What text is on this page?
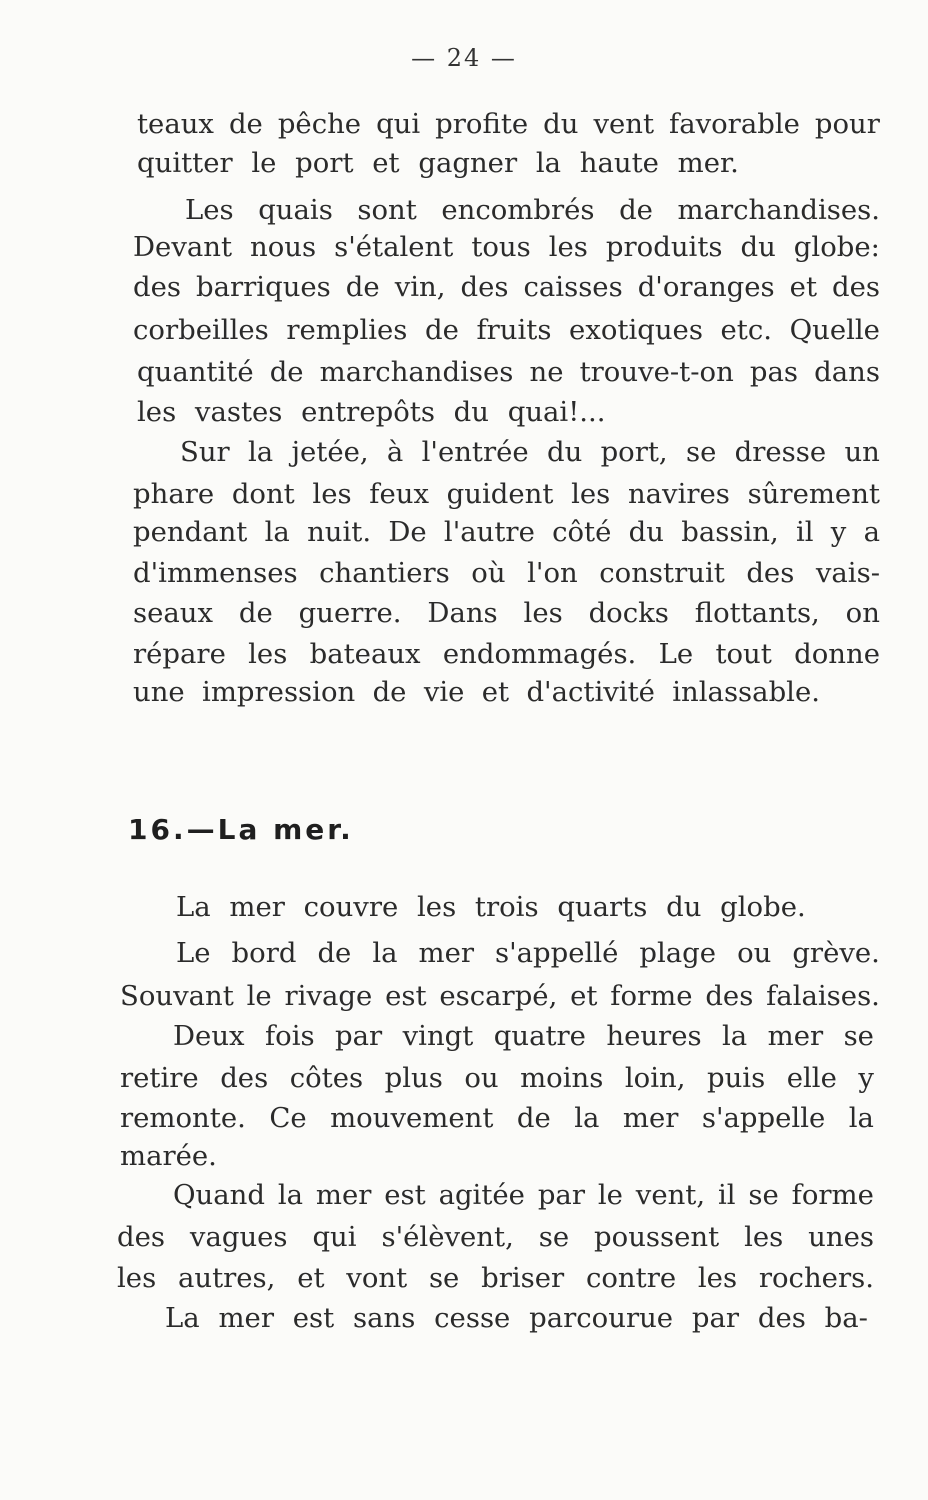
— 24 —
teaux de pêche qui profite du vent favorable pour
quitter le port et gagner la haute mer.
Les quais sont encombrés de marchandises.
Devant nous s'étalent tous les produits du globe:
des barriques de vin, des caisses d'oranges et des
corbeilles remplies de fruits exotiques etc. Quelle
quantité de marchandises ne trouve-t-on pas dans
les vastes entrepôts du quai!...
Sur la jetée, à l'entrée du port, se dresse un
phare dont les feux guident les navires sûrement
pendant la nuit. De l'autre côté du bassin, il y a
d'immenses chantiers où l'on construit des vais-
seaux de guerre. Dans les docks flottants, on
répare les bateaux endommagés. Le tout donne
une impression de vie et d'activité inlassable.
16.—La mer.
La mer couvre les trois quarts du globe.
Le bord de la mer s'appellé plage ou grève.
Souvant le rivage est escarpé, et forme des falaises.
Deux fois par vingt quatre heures la mer se
retire des côtes plus ou moins loin, puis elle y
remonte. Ce mouvement de la mer s'appelle la
marée.
Quand la mer est agitée par le vent, il se forme
des vagues qui s'élèvent, se poussent les unes
les autres, et vont se briser contre les rochers.
La mer est sans cesse parcourue par des ba-
